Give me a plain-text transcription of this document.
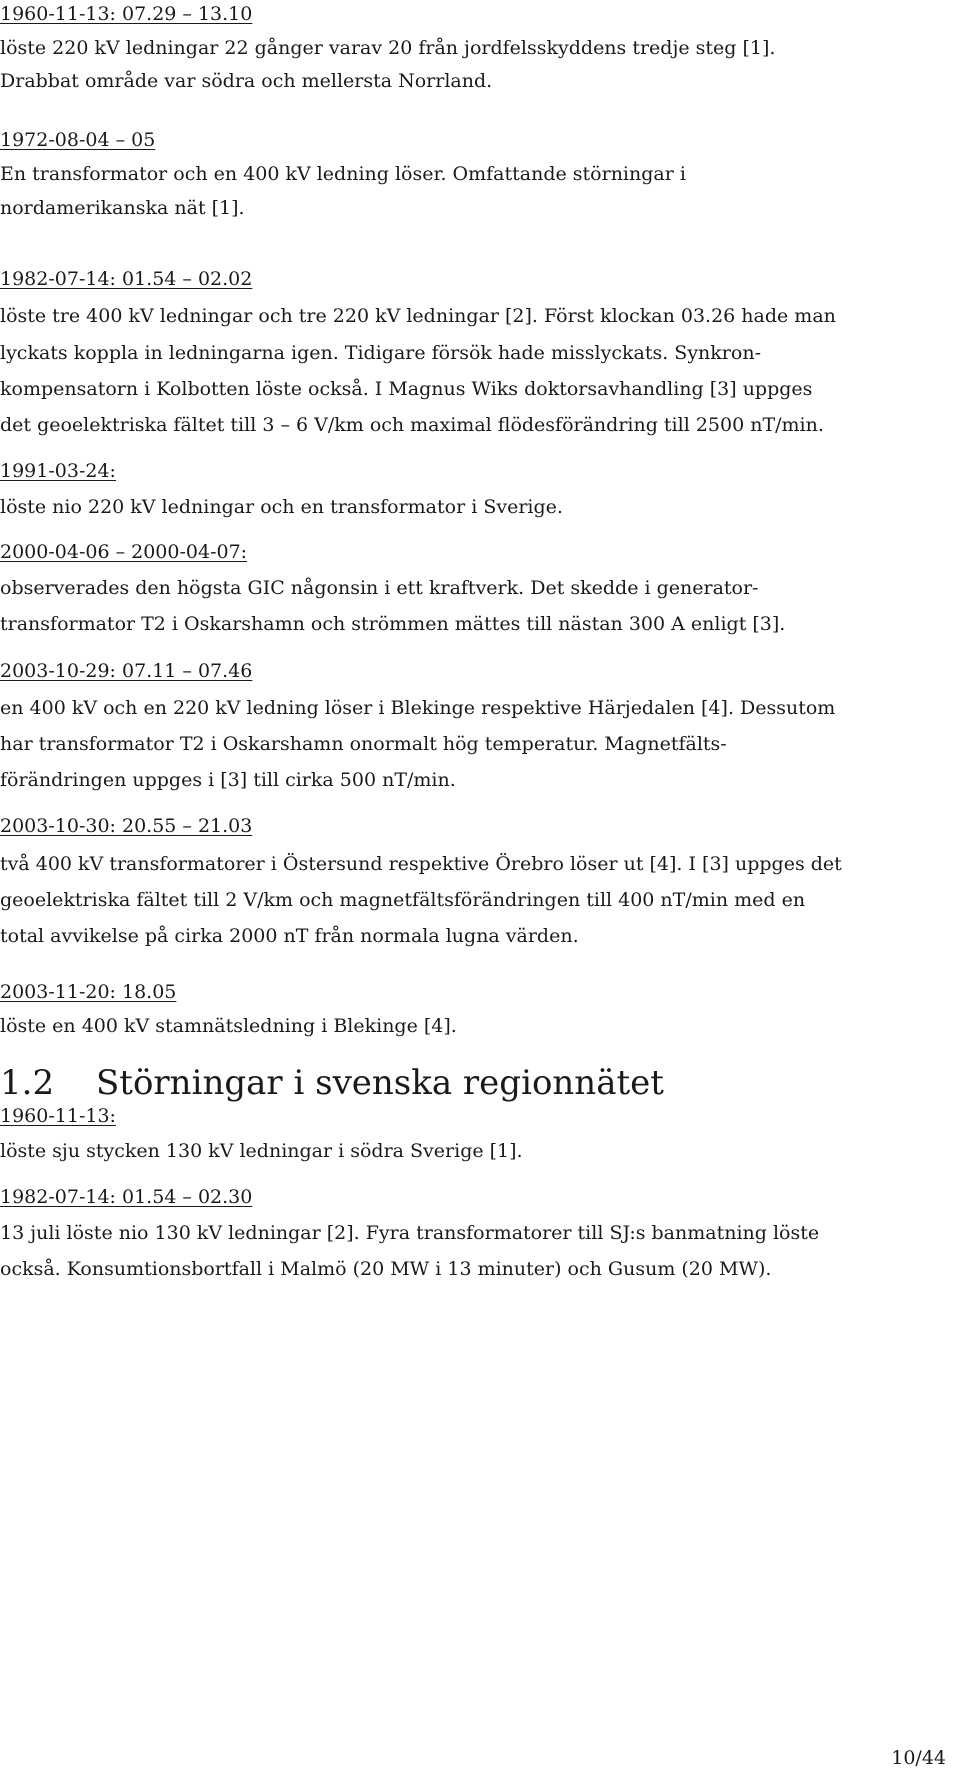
1960-11-13: 07.29 – 13.10
löste 220 kV ledningar 22 gånger varav 20 från jordfelsskyddens tredje steg [1].
Drabbat område var södra och mellersta Norrland.
1972-08-04 – 05
En transformator och en 400 kV ledning löser. Omfattande störningar i
nordamerikanska nät [1].
1982-07-14: 01.54 – 02.02
löste tre 400 kV ledningar och tre 220 kV ledningar [2]. Först klockan 03.26 hade man
lyckats koppla in ledningarna igen. Tidigare försök hade misslyckats. Synkron-
kompensatorn i Kolbotten löste också. I Magnus Wiks doktorsavhandling [3] uppges
det geoelektriska fältet till 3 – 6 V/km och maximal flödesförändring till 2500 nT/min.
1991-03-24:
löste nio 220 kV ledningar och en transformator i Sverige.
2000-04-06 – 2000-04-07:
observerades den högsta GIC någonsin i ett kraftverk. Det skedde i generator-
transformator T2 i Oskarshamn och strömmen mättes till nästan 300 A enligt [3].
2003-10-29: 07.11 – 07.46
en 400 kV och en 220 kV ledning löser i Blekinge respektive Härjedalen [4]. Dessutom
har transformator T2 i Oskarshamn onormalt hög temperatur. Magnetfälts-
förändringen uppges i [3] till cirka 500 nT/min.
2003-10-30: 20.55 – 21.03
två 400 kV transformatorer i Östersund respektive Örebro löser ut [4]. I [3] uppges det
geoelektriska fältet till 2 V/km och magnetfältsförändringen till 400 nT/min med en
total avvikelse på cirka 2000 nT från normala lugna värden.
2003-11-20: 18.05
löste en 400 kV stamnätsledning i Blekinge [4].
1.2 Störningar i svenska regionnätet
1960-11-13:
löste sju stycken 130 kV ledningar i södra Sverige [1].
1982-07-14: 01.54 – 02.30
13 juli löste nio 130 kV ledningar [2]. Fyra transformatorer till SJ:s banmatning löste
också. Konsumtionsbortfall i Malmö (20 MW i 13 minuter) och Gusum (20 MW).
10/44
